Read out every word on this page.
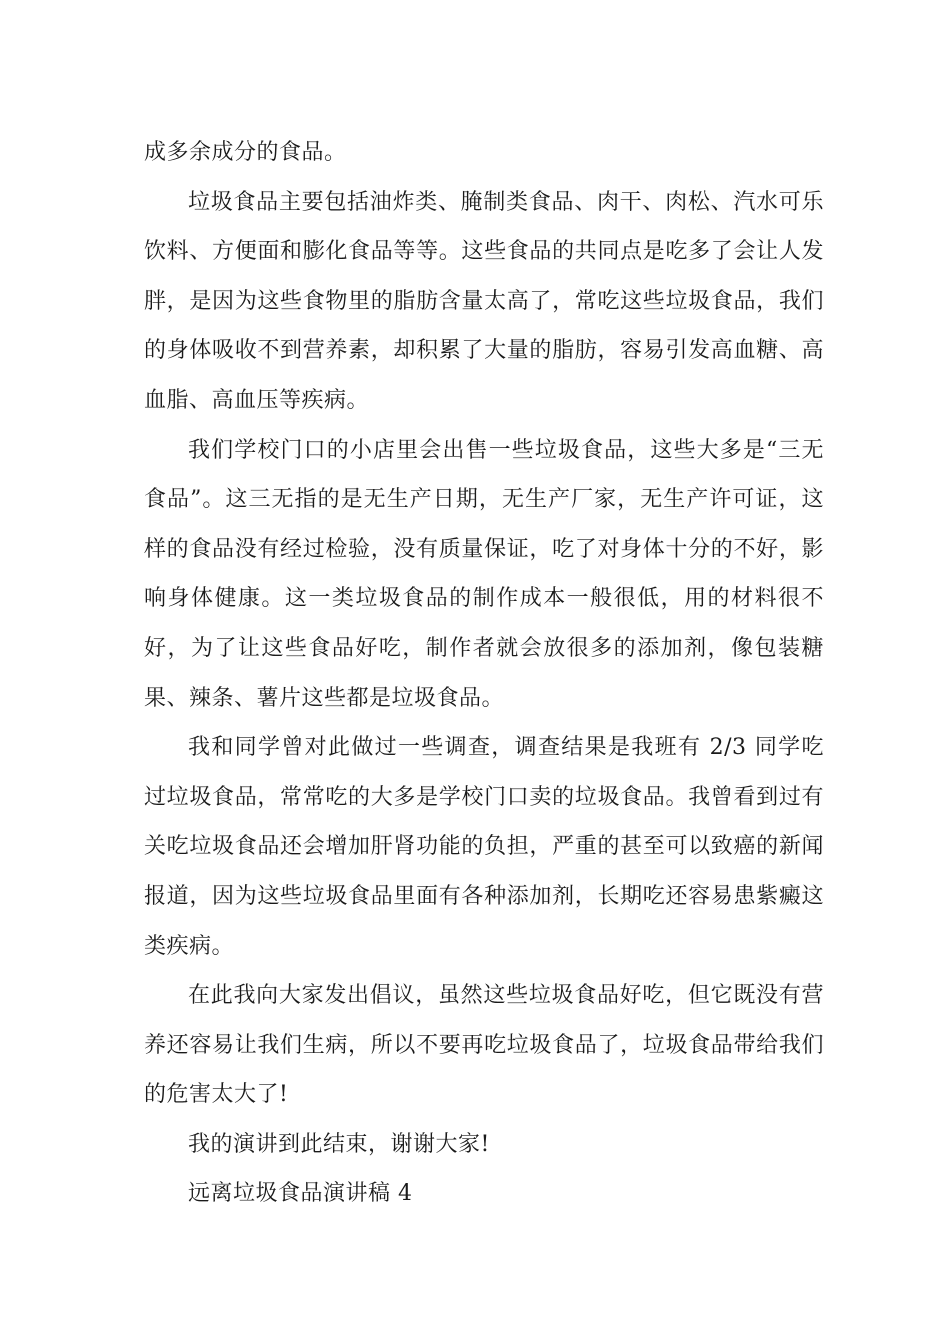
成多余成分的食品。

垃圾食品主要包括油炸类、腌制类食品、肉干、肉松、汽水可乐饮料、方便面和膨化食品等等。这些食品的共同点是吃多了会让人发胖，是因为这些食物里的脂肪含量太高了，常吃这些垃圾食品，我们的身体吸收不到营养素，却积累了大量的脂肪，容易引发高血糖、高血脂、高血压等疾病。

我们学校门口的小店里会出售一些垃圾食品，这些大多是“三无食品”。这三无指的是无生产日期，无生产厂家，无生产许可证，这样的食品没有经过检验，没有质量保证，吃了对身体十分的不好，影响身体健康。这一类垃圾食品的制作成本一般很低，用的材料很不好，为了让这些食品好吃，制作者就会放很多的添加剂，像包装糖果、辣条、薯片这些都是垃圾食品。

我和同学曾对此做过一些调查，调查结果是我班有 2/3 同学吃过垃圾食品，常常吃的大多是学校门口卖的垃圾食品。我曾看到过有关吃垃圾食品还会增加肝肾功能的负担，严重的甚至可以致癌的新闻报道，因为这些垃圾食品里面有各种添加剂，长期吃还容易患紫癜这类疾病。

在此我向大家发出倡议，虽然这些垃圾食品好吃，但它既没有营养还容易让我们生病，所以不要再吃垃圾食品了，垃圾食品带给我们的危害太大了!

我的演讲到此结束，谢谢大家!

远离垃圾食品演讲稿 4
